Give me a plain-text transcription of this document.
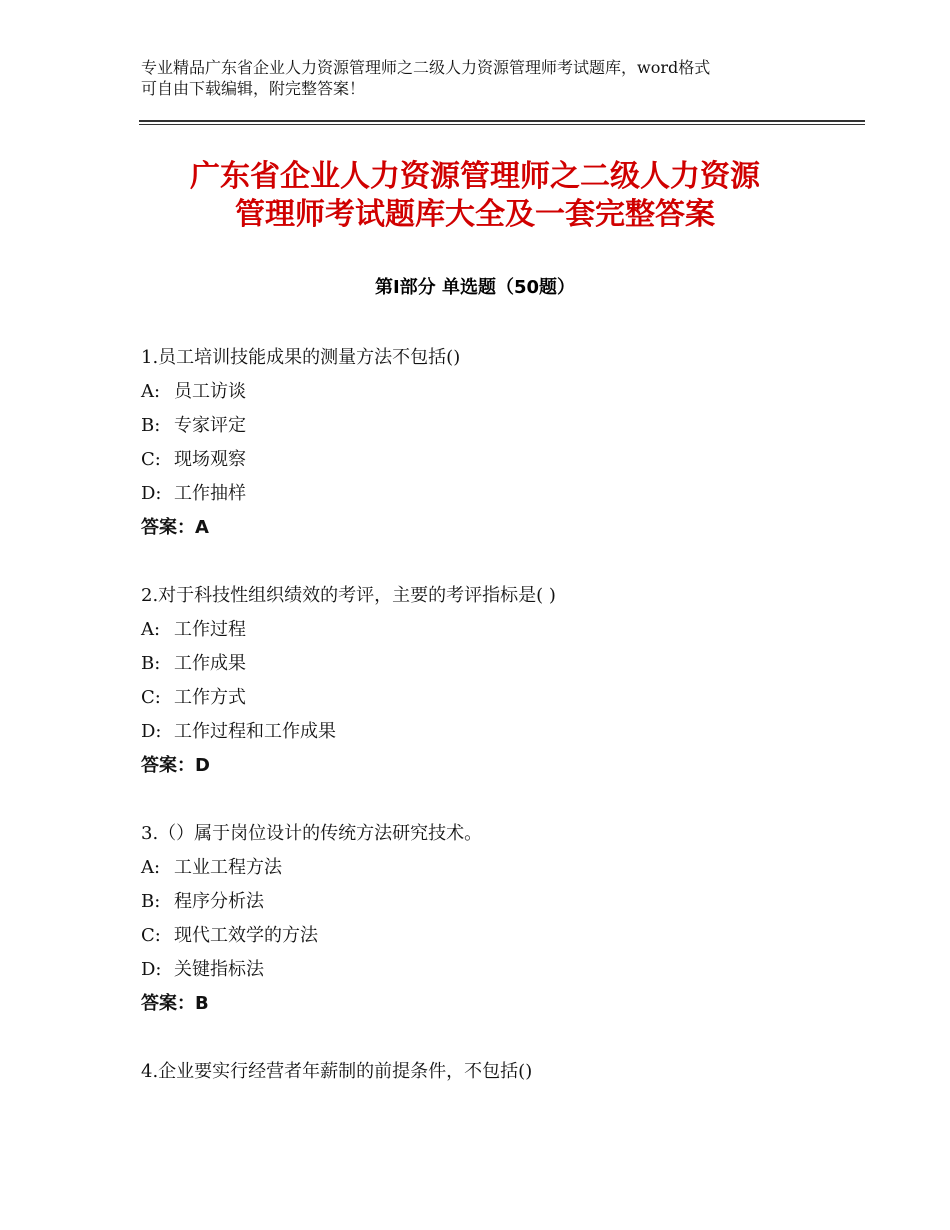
专业精品广东省企业人力资源管理师之二级人力资源管理师考试题库，word格式
可自由下载编辑，附完整答案！
广东省企业人力资源管理师之二级人力资源
管理师考试题库大全及一套完整答案
第Ⅰ部分 单选题（50题）
1.员工培训技能成果的测量方法不包括()
A: 员工访谈
B: 专家评定
C: 现场观察
D: 工作抽样
答案：A
2.对于科技性组织绩效的考评，主要的考评指标是( )
A: 工作过程
B: 工作成果
C: 工作方式
D: 工作过程和工作成果
答案：D
3.（）属于岗位设计的传统方法研究技术。
A: 工业工程方法
B: 程序分析法
C: 现代工效学的方法
D: 关键指标法
答案：B
4.企业要实行经营者年薪制的前提条件，不包括()
